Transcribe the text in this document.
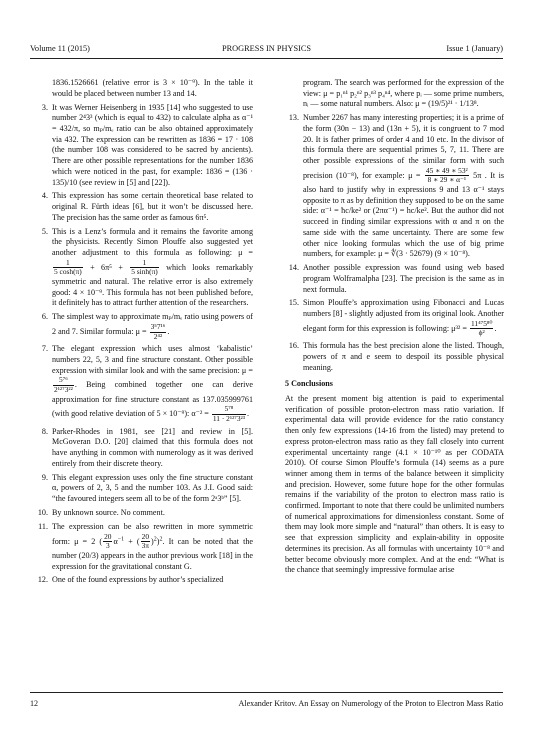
Volume 11 (2015)	PROGRESS IN PHYSICS	Issue 1 (January)
1836.1526661 (relative error is 3 × 10⁻⁹). In the table it would be placed between number 13 and 14.
3. It was Werner Heisenberg in 1935 [14] who suggested to use number 2⁴3³ (which is equal to 432) to calculate alpha as α⁻¹ = 432/π, so mₚ/mₑ ratio can be also obtained approximately via 432. The expression can be rewritten as 1836 = 17 · 108 (the number 108 was considered to be sacred by ancients). There are other possible representations for the number 1836 which were noticed in the past, for example: 1836 = (136 · 135)/10 (see review in [5] and [22]).
4. This expression has some certain theoretical base related to original R. Fürth ideas [6], but it won’t be discussed here. The precision has the same order as famous 6π⁵.
5. This is a Lenz’s formula and it remains the favorite among the physicists. Recently Simon Plouffe also suggested yet another adjustment to this formula as following: μ =
$\frac{1}{5 \cosh(\pi)} + 6\pi^5 + \frac{1}{5 \sinh(\pi)}$ which looks remarkably symmetric and natural. The relative error is also extremely good: 4 × 10⁻⁹. This formula has not been published before, it definitely has to attract further attention of the researchers.
6. The simplest way to approximate mₚ/mₑ ratio using powers of 2 and 7. Similar formula: $\mu = \frac{\text{3⁵7¹⁶}}{\text{2⁴²}}$ .
7. The elegant expression which uses almost ‘kabalistic’ numbers 22, 5, 3 and fine structure constant. Other possible expression with similar look and with the same precision: μ =
$\frac{\text{5⁷⁶}}{\text{2¹²⁷3²²}}$ . Being combined together one can derive approximation for fine structure constant as 137.035999761 (with good relative deviation of 5 × 10⁻⁹): $\alpha^{-2} = \frac{\text{5⁷⁸}}{\text{11 · 2¹²⁷3²³}}$ .
8. Parker-Rhodes in 1981, see [21] and review in [5]. McGoveran D.O. [20] claimed that this formula does not have anything in common with numerology as it was derived entirely from their discrete theory.
9. This elegant expression uses only the fine structure constant α, powers of 2, 3, 5 and the number 103. As J.I. Good said: “the favoured integers seem all to be of the form 2ᵃ3ᵇ” [5].
10. By unknown source. No comment.
11. The expression can be also rewritten in more symmetric form: μ = 2 ( $\frac{20}{3} \alpha^{-1}$ + ( $\frac{20}{3\pi} )^2)^2$. It can be noted that the number (20/3) appears in the author previous work [18] in the expression for the gravitational constant G.
12. One of the found expressions by author’s specialized
program. The search was performed for the expression of the view: μ = p₁ⁿ¹ p₂ⁿ² p₃ⁿ³ p₄ⁿ⁴, where pᵢ — some prime numbers, nᵢ — some natural numbers. Also: μ = (19/5)²¹ · 1/13⁸.
13. Number 2267 has many interesting properties; it is a prime of the form (30n − 13) and (13n + 5), it is congruent to 7 mod 20. It is father primes of order 4 and 10 etc. In the divisor of this formula there are sequential primes 5, 7, 11. There are other possible expressions of the similar form with such precision (10⁻⁸), for example: $\mu = \frac{\text{45 ∗ 49 ∗ 53²}}{\text{8 ∗ 29 ∗ α⁻¹}} 5\pi$ . It is also hard to justify why in expressions 9 and 13 α⁻¹ stays opposite to π as by definition they supposed to be on the same side: α⁻¹ = ħc/ke² or (2πα⁻¹) = hc/ke². But the author did not succeed in finding similar expressions with α and π on the same side with the same uncertainty. There are some few other nice looking formulas which the use of big prime numbers, for example: μ = ∜(3 · 52679) (9 × 10⁻⁸).
14. Another possible expression was found using web based program Wolframalpha [23]. The precision is the same as in next formula.
15. Simon Plouffe’s approximation using Fibonacci and Lucas numbers [8] - slightly adjusted from its original look. Another elegant form for this expression is following: $\mu^{32} = \frac{\text{11⁴⁷5⁸⁰}}{\text{ϕ²}}$ .
16. This formula has the best precision alone the listed. Though, powers of π and e seem to despoil its possible physical meaning.
5 Conclusions
At the present moment big attention is paid to experimental verification of possible proton-electron mass ratio variation. If experimental data will provide evidence for the ratio constancy then only few expressions (14-16 from the listed) may pretend to express proton-electron mass ratio as they fall closely into current experimental uncertainty range (4.1 × 10⁻¹⁰ as per CODATA 2010). Of course Simon Plouffe’s formula (14) seems as a pure winner among them in terms of the balance between it simplicity and precision. However, some future hope for the other formulas remains if the variability of the proton to electron mass ratio is confirmed. Important to note that there could be unlimited numbers of numerical approximations for dimensionless constant. Some of them may look more simple and “natural” than others. It is easy to see that expression simplicity and explain-ability in opposite determines its precision. As all formulas with uncertainty 10⁻⁸ and better become obviously more complex. And at the end: “What is the chance that seemingly impressive formulae arise
12	Alexander Kritov. An Essay on Numerology of the Proton to Electron Mass Ratio
